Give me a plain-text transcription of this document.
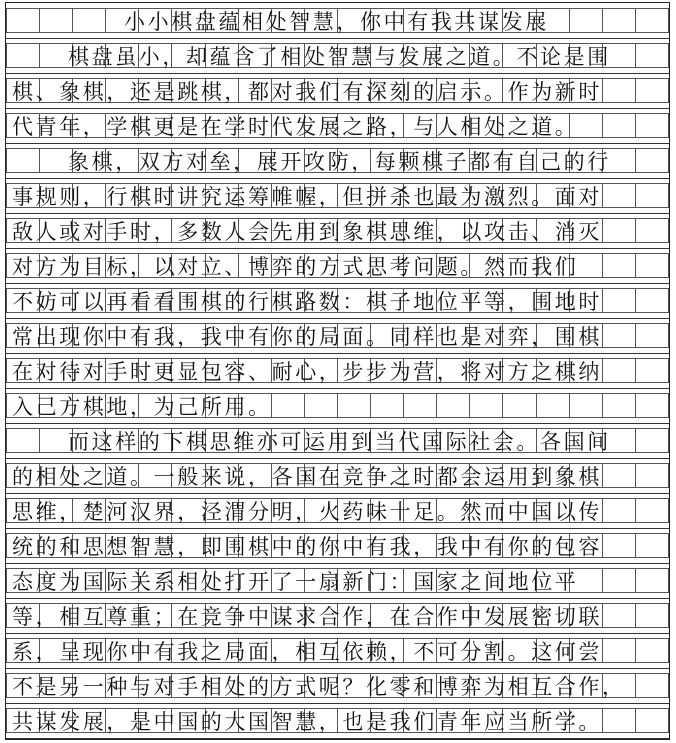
小小棋盘蕴相处智慧，你中有我共谋发展
棋盘虽小，却蕴含了相处智慧与发展之道。不论是围
棋、象棋，还是跳棋，都对我们有深刻的启示。作为新时
代青年，学棋更是在学时代发展之路，与人相处之道。
象棋，双方对垒，展开攻防，每颗棋子都有自己的行
事规则，行棋时讲究运筹帷幄，但拼杀也最为激烈。面对
敌人或对手时，多数人会先用到象棋思维，以攻击、消灭
对方为目标，以对立、博弈的方式思考问题。然而我们
不妨可以再看看围棋的行棋路数：棋子地位平等，围地时
常出现你中有我，我中有你的局面。同样也是对弈，围棋
在对待对手时更显包容、耐心，步步为营，将对方之棋纳
入己方棋地，为己所用。
而这样的下棋思维亦可运用到当代国际社会。各国间
的相处之道。一般来说，各国在竞争之时都会运用到象棋
思维，楚河汉界，泾渭分明，火药味十足。然而中国以传
统的和思想智慧，即围棋中的你中有我，我中有你的包容
态度为国际关系相处打开了一扇新门：国家之间地位平
等，相互尊重；在竞争中谋求合作，在合作中发展密切联
系，呈现你中有我之局面，相互依赖，不可分割。这何尝
不是另一种与对手相处的方式呢？化零和博弈为相互合作，
共谋发展，是中国的大国智慧，也是我们青年应当所学。
